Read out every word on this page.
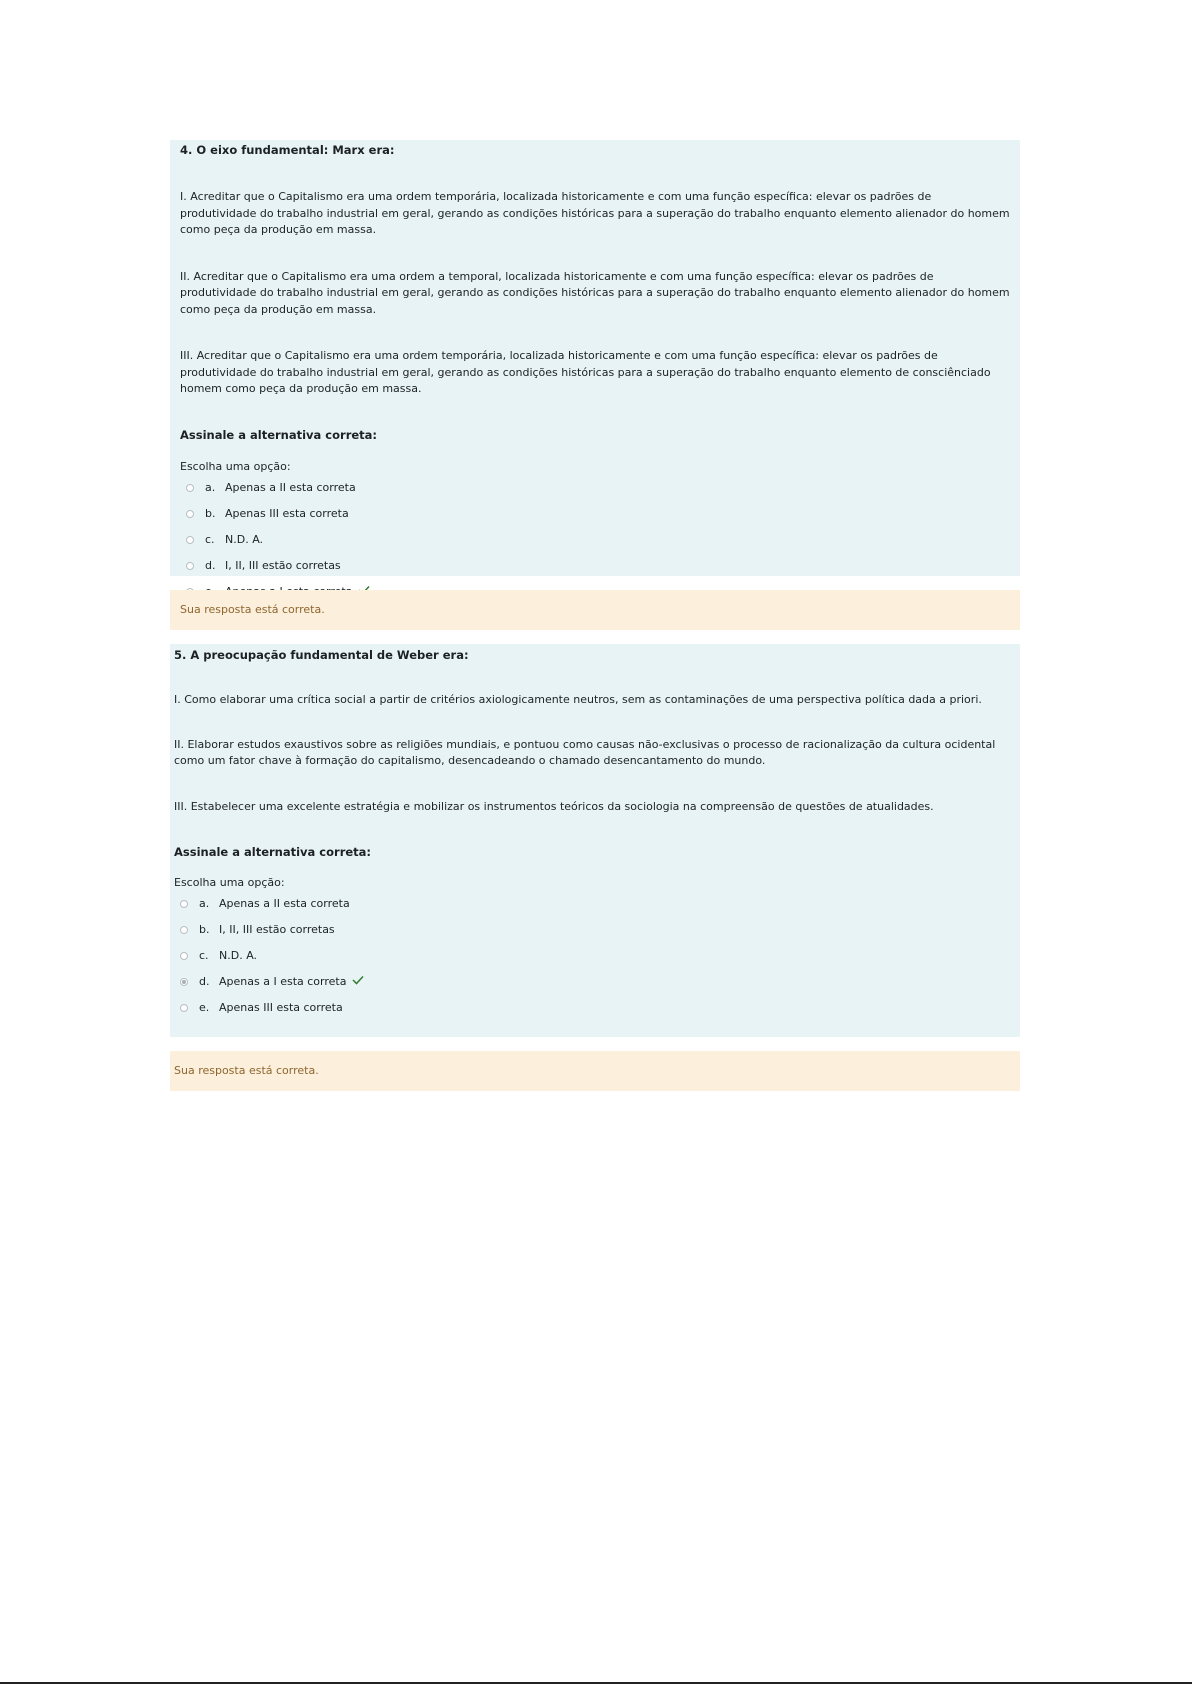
4. O eixo fundamental: Marx era:

I. Acreditar que o Capitalismo era uma ordem temporária, localizada historicamente e com uma função específica: elevar os padrões de produtividade do trabalho industrial em geral, gerando as condições históricas para a superação do trabalho enquanto elemento alienador do homem como peça da produção em massa.

II. Acreditar que o Capitalismo era uma ordem a temporal, localizada historicamente e com uma função específica: elevar os padrões de produtividade do trabalho industrial em geral, gerando as condições históricas para a superação do trabalho enquanto elemento alienador do homem como peça da produção em massa.

III. Acreditar que o Capitalismo era uma ordem temporária, localizada historicamente e com uma função específica: elevar os padrões de produtividade do trabalho industrial em geral, gerando as condições históricas para a superação do trabalho enquanto elemento de consciênciado homem como peça da produção em massa.

Assinale a alternativa correta:
Escolha uma opção:
a. Apenas a II esta correta
b. Apenas III esta correta
c. N.D. A.
d. I, II, III estão corretas
Sua resposta está correta.

5. A preocupação fundamental de Weber era:

I. Como elaborar uma crítica social a partir de critérios axiologicamente neutros, sem as contaminações de uma perspectiva política dada a priori.

II. Elaborar estudos exaustivos sobre as religiões mundiais, e pontuou como causas não-exclusivas o processo de racionalização da cultura ocidental como um fator chave à formação do capitalismo, desencadeando o chamado desencantamento do mundo.

III. Estabelecer uma excelente estratégia e mobilizar os instrumentos teóricos da sociologia na compreensão de questões de atualidades.

Assinale a alternativa correta:
Escolha uma opção:
a. Apenas a II esta correta
b. I, II, III estão corretas
c. N.D. A.
d. Apenas a I esta correta
e. Apenas III esta correta
Sua resposta está correta.
